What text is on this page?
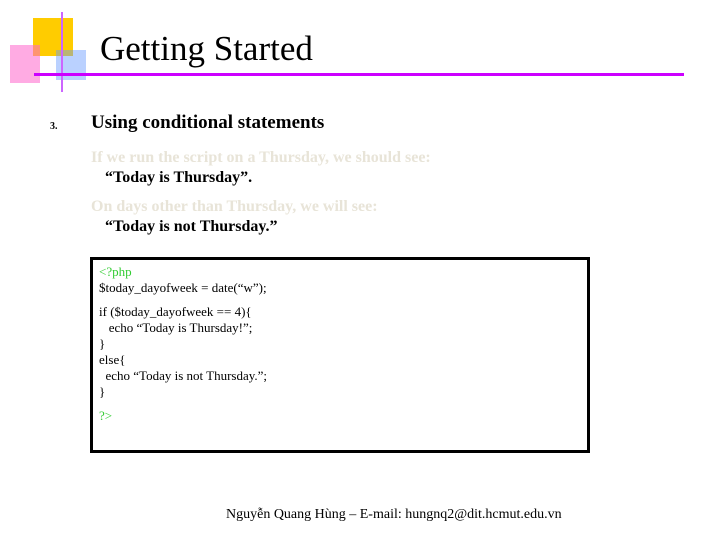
Getting Started
3. Using conditional statements
If we run the script on a Thursday, we should see:
“Today is Thursday”.
On days other than Thursday, we will see:
“Today is not Thursday.”
<?php
$today_dayofweek = date(“w”);
if ($today_dayofweek == 4){
echo “Today is Thursday!”;
}
else{
echo “Today is not Thursday.”;
}
?>
Nguyễn Quang Hùng – E-mail: hungnq2@dit.hcmut.edu.vn
